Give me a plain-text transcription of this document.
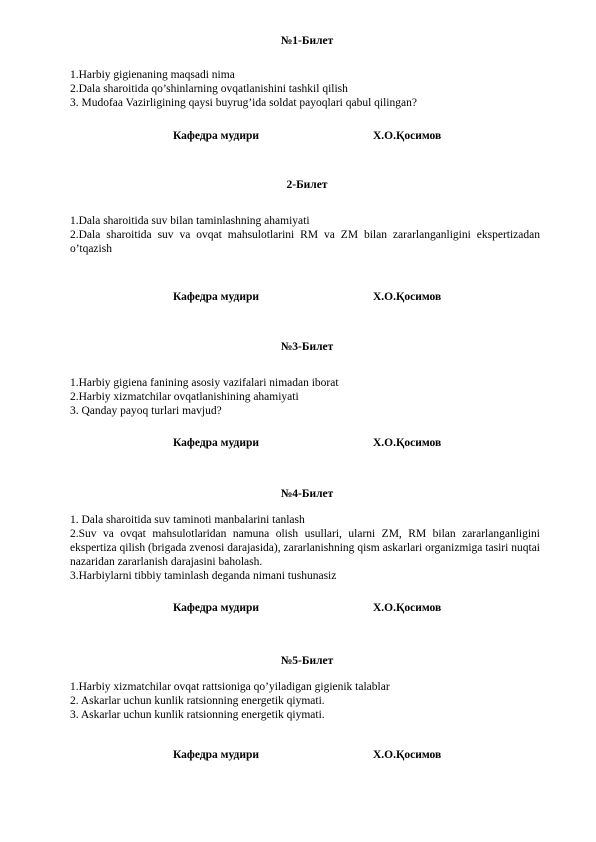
№1-Билет

1.Harbiy gigienaning maqsadi nima

2.Dala sharoitida qo’shinlarning ovqatlanishini tashkil qilish

3. Mudofaa Vazirligining qaysi buyrug’ida soldat payoqlari qabul qilingan?

Кафедра мудири	Х.О.Қосимов

2-Билет

1.Dala sharoitida suv bilan taminlashning ahamiyati

2.Dala sharoitida suv va ovqat mahsulotlarini RM va ZM bilan zararlanganligini ekspertizadan o’tqazish

Кафедра мудири	Х.О.Қосимов

№3-Билет

1.Harbiy gigiena fanining asosiy vazifalari nimadan iborat

2.Harbiy xizmatchilar ovqatlanishining ahamiyati

3. Qanday payoq turlari mavjud?

Кафедра мудири	Х.О.Қосимов

№4-Билет

1. Dala sharoitida suv taminoti manbalarini tanlash

2.Suv va ovqat mahsulotlaridan namuna olish usullari, ularni ZM, RM bilan zararlanganligini ekspertiza qilish (brigada zvenosi darajasida), zararlanishning qism askarlari organizmiga tasiri nuqtai nazaridan zararlanish darajasini baholash.

3.Harbiylarni tibbiy taminlash deganda nimani tushunasiz

Кафедра мудири	Х.О.Қосимов

№5-Билет

1.Harbiy xizmatchilar ovqat rattsioniga qo’yiladigan gigienik talablar

2. Askarlar uchun kunlik ratsionning energetik qiymati.

3. Askarlar uchun kunlik ratsionning energetik qiymati.

Кафедра мудири	Х.О.Қосимов
